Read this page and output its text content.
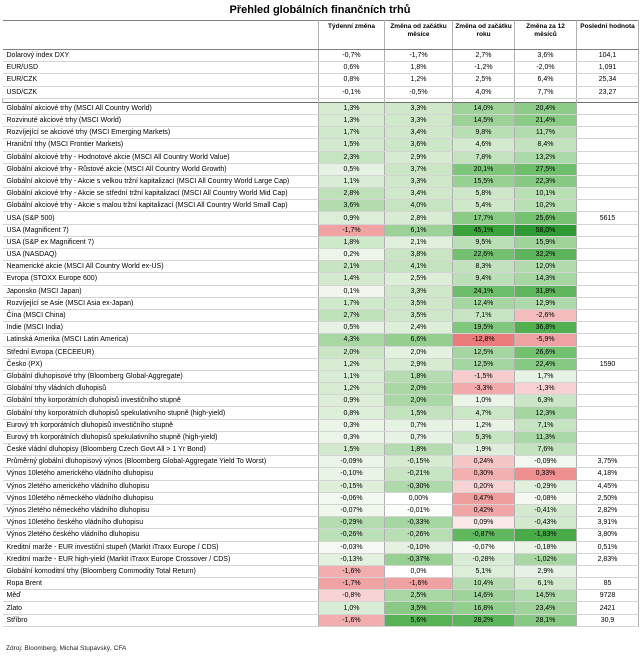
Přehled globálních finančních trhů
	Týdenní změna	Změna od začátku měsíce	Změna od začátku roku	Změna za 12 měsíců	Poslední hodnota
Dolarový index DXY	-0,7%	-1,7%	2,7%	3,6%	104,1
EUR/USD	0,6%	1,8%	-1,2%	-2,0%	1,091
EUR/CZK	0,8%	1,2%	2,5%	6,4%	25,34
USD/CZK	-0,1%	-0,5%	4,0%	7,7%	23,27

Globální akciové trhy (MSCI All Country World)	1,3%	3,3%	14,0%	20,4%	
Rozvinuté akciové trhy (MSCI World)	1,3%	3,3%	14,5%	21,4%	
Rozvíjející se akciové trhy (MSCI Emerging Markets)	1,7%	3,4%	9,8%	11,7%	
Hraniční trhy (MSCI Frontier Markets)	1,5%	3,6%	4,6%	8,4%	
Globální akciové trhy - Hodnotové akcie (MSCI All Country World Value)	2,3%	2,9%	7,8%	13,2%	
Globální akciové trhy - Růstové akcie (MSCI All Country World Growth)	0,5%	3,7%	20,1%	27,5%	
Globální akciové trhy - Akcie s velkou tržní kapitalizací (MSCI All Country World Large Cap)	1,1%	3,3%	15,5%	22,3%	
Globální akciové trhy - Akcie se střední tržní kapitalizací (MSCI All Country World Mid Cap)	2,8%	3,4%	5,8%	10,1%	
Globální akciové trhy - Akcie s malou tržní kapitalizací (MSCI All Country World Small Cap)	3,6%	4,0%	5,4%	10,2%	
USA (S&P 500)	0,9%	2,8%	17,7%	25,6%	5615
USA (Magnificent 7)	-1,7%	6,1%	45,1%	58,0%	
USA (S&P ex Magnificent 7)	1,8%	2,1%	9,5%	15,9%	
USA (NASDAQ)	0,2%	3,8%	22,6%	32,2%	
Neamerické akcie (MSCI All Country World ex-US)	2,1%	4,1%	8,3%	12,0%	
Evropa (STOXX Europe 600)	1,4%	2,5%	9,4%	14,3%	
Japonsko (MSCI Japan)	0,1%	3,3%	24,1%	31,8%	
Rozvíjející se Asie (MSCI Asia ex-Japan)	1,7%	3,5%	12,4%	12,9%	
Čína (MSCI China)	2,7%	3,5%	7,1%	-2,6%	
Indie (MSCI India)	0,5%	2,4%	19,5%	36,8%	
Latinská Amerika (MSCI Latin America)	4,3%	6,6%	-12,8%	-5,9%	
Střední Evropa (CECEEUR)	2,0%	2,0%	12,5%	26,6%	
Česko (PX)	1,2%	2,9%	12,5%	22,4%	1590
Globální dluhopisové trhy (Bloomberg Global-Aggregate)	1,1%	1,8%	-1,5%	1,7%	
Globální trhy vládních dluhopisů	1,2%	2,0%	-3,3%	-1,3%	
Globální trhy korporátních dluhopisů investičního stupně	0,9%	2,0%	1,0%	6,3%	
Globální trhy korporátních dluhopisů spekulativního stupně (high-yield)	0,8%	1,5%	4,7%	12,3%	
Eurový trh korporátních dluhopisů investičního stupně	0,3%	0,7%	1,2%	7,1%	
Eurový trh korporátních dluhopisů spekulativního stupně (high-yield)	0,3%	0,7%	5,3%	11,3%	
České vládní dluhopisy (Bloomberg Czech Govt All > 1 Yr Bond)	1,5%	1,8%	1,9%	7,6%	
Průměrný globální dluhopisový výnos (Bloomberg Global-Aggregate Yield To Worst)	-0,09%	-0,15%	0,24%	-0,09%	3,75%
Výnos 10letého amerického vládního dluhopisu	-0,10%	-0,21%	0,30%	0,33%	4,18%
Výnos 2letého amerického vládního dluhopisu	-0,15%	-0,30%	0,20%	-0,29%	4,45%
Výnos 10letého německého vládního dluhopisu	-0,06%	0,00%	0,47%	-0,08%	2,50%
Výnos 2letého německého vládního dluhopisu	-0,07%	-0,01%	0,42%	-0,41%	2,82%
Výnos 10letého českého vládního dluhopisu	-0,29%	-0,33%	0,09%	-0,43%	3,91%
Výnos 2letého českého vládního dluhopisu	-0,26%	-0,26%	-0,87%	-1,83%	3,80%
Kreditní marže - EUR investiční stupeň (Markit iTraxx Europe / CDS)	-0,03%	-0,10%	-0,07%	-0,18%	0,51%
Kreditní marže - EUR high-yield (Markit iTraxx Europe Crossover / CDS)	-0,13%	-0,37%	-0,28%	-1,02%	2,83%
Globální komoditní trhy (Bloomberg Commodity Total Return)	-1,6%	0,0%	5,1%	2,9%	
Ropa Brent	-1,7%	-1,6%	10,4%	6,1%	85
Měď	-0,8%	2,5%	14,6%	14,5%	9728
Zlato	1,0%	3,5%	16,8%	23,4%	2421
Stříbro	-1,6%	5,6%	28,2%	28,1%	30,9
Zdroj: Bloomberg, Michal Stupavský, CFA
